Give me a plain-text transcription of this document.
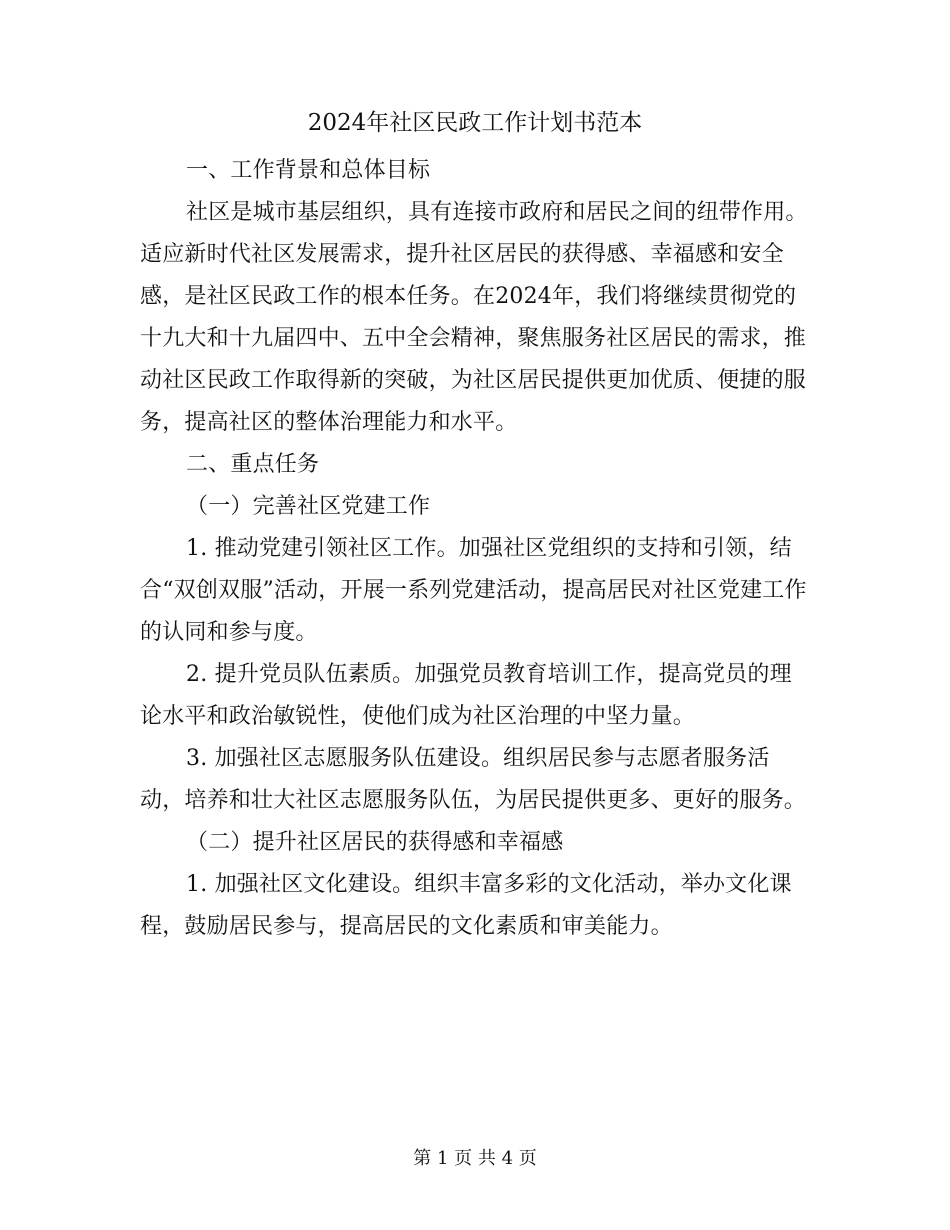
2024年社区民政工作计划书范本

一、工作背景和总体目标

社区是城市基层组织，具有连接市政府和居民之间的纽带作用。适应新时代社区发展需求，提升社区居民的获得感、幸福感和安全感，是社区民政工作的根本任务。在2024年，我们将继续贯彻党的十九大和十九届四中、五中全会精神，聚焦服务社区居民的需求，推动社区民政工作取得新的突破，为社区居民提供更加优质、便捷的服务，提高社区的整体治理能力和水平。

二、重点任务

（一）完善社区党建工作

1. 推动党建引领社区工作。加强社区党组织的支持和引领，结合“双创双服”活动，开展一系列党建活动，提高居民对社区党建工作的认同和参与度。

2. 提升党员队伍素质。加强党员教育培训工作，提高党员的理论水平和政治敏锐性，使他们成为社区治理的中坚力量。

3. 加强社区志愿服务队伍建设。组织居民参与志愿者服务活动，培养和壮大社区志愿服务队伍，为居民提供更多、更好的服务。

（二）提升社区居民的获得感和幸福感

1. 加强社区文化建设。组织丰富多彩的文化活动，举办文化课程，鼓励居民参与，提高居民的文化素质和审美能力。

第 1 页 共 4 页
